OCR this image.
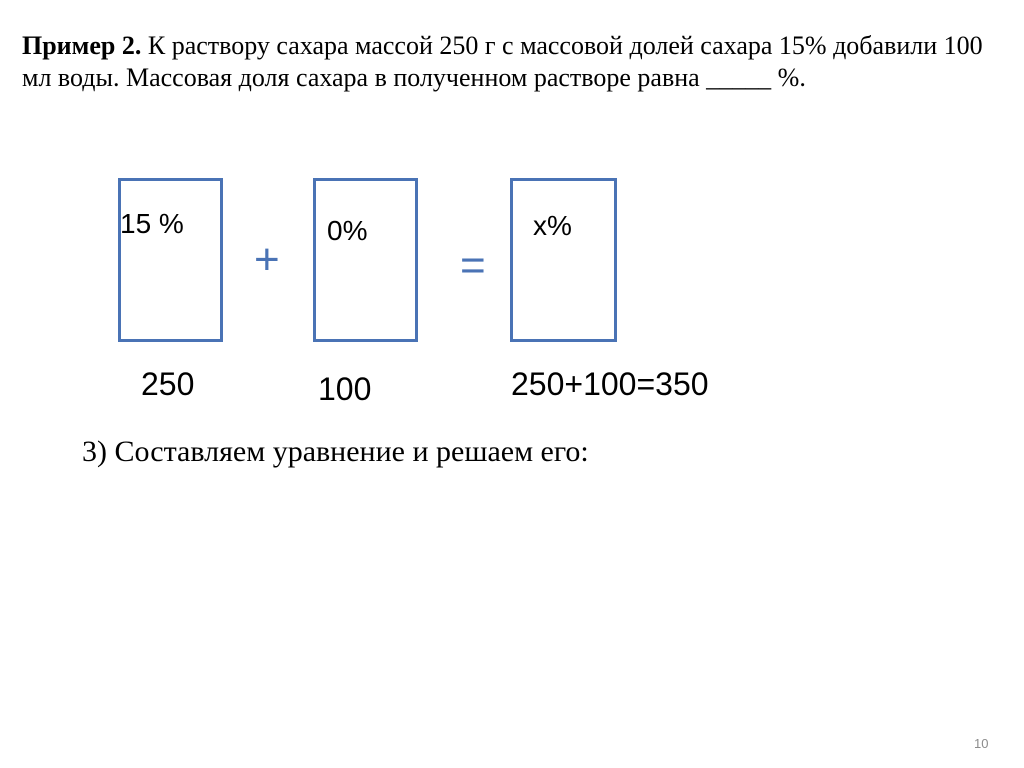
Пример 2. К раствору сахара массой 250 г с массовой долей сахара 15% добавили 100 мл воды. Массовая доля сахара в полученном растворе равна _____ %.

15 %
+
0%
=
x%
250	100	250+100=350
3) Составляем уравнение и решаем его:
10
